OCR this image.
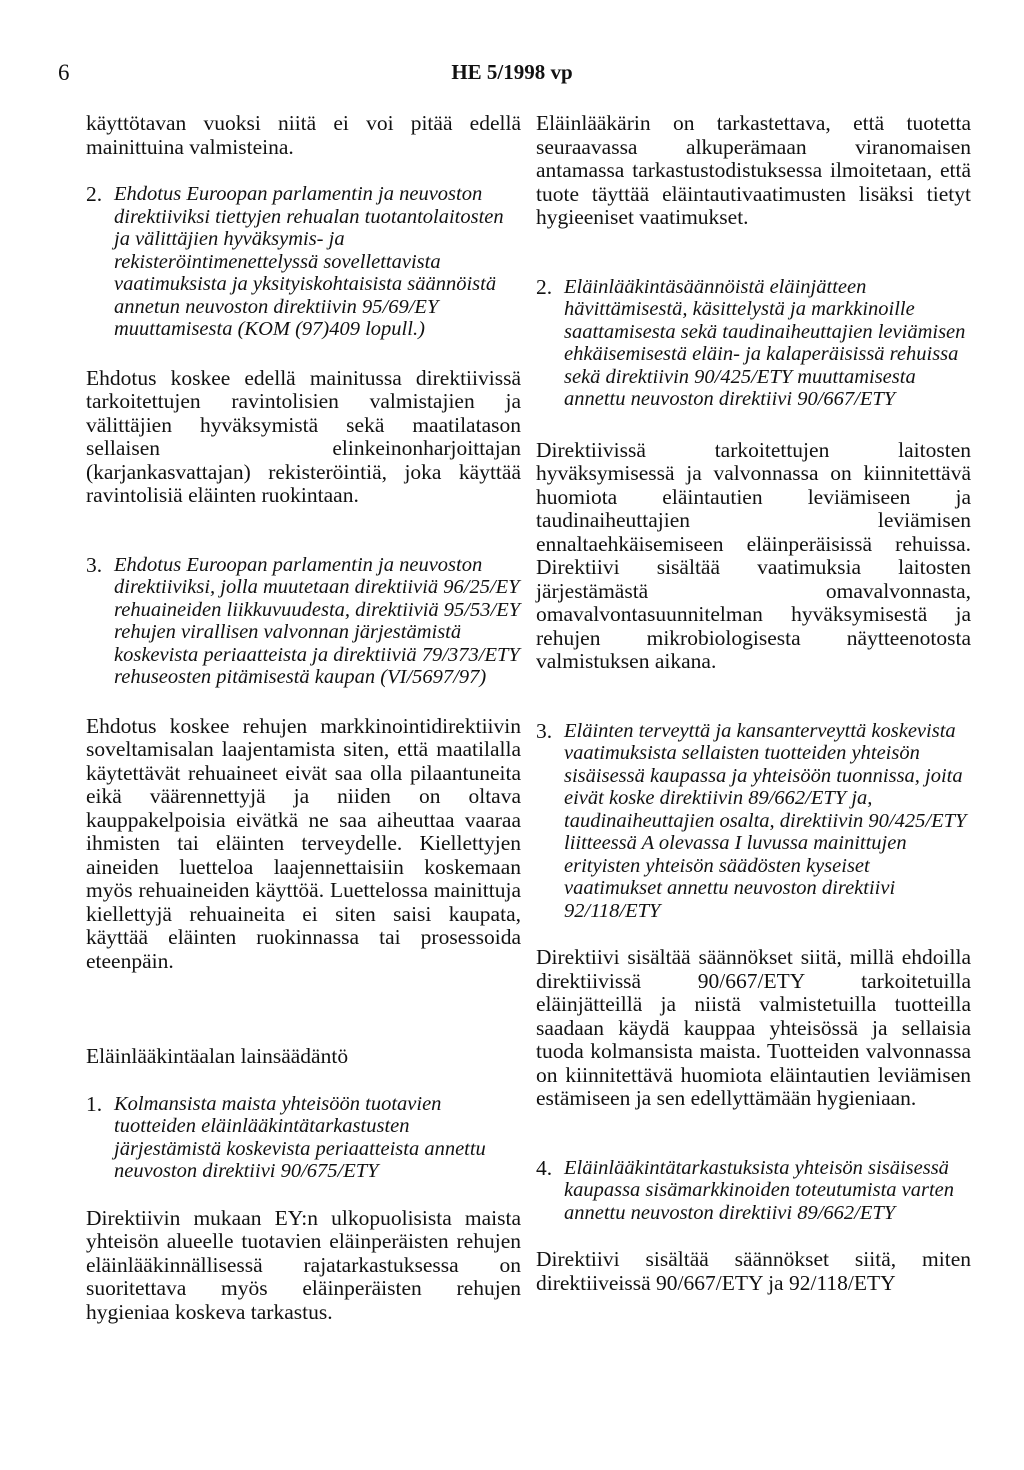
6	HE 5/1998 vp

käyttötavan vuoksi niitä ei voi pitää edellä mainittuina valmisteina.

2. Ehdotus Euroopan parlamentin ja neuvoston direktiiviksi tiettyjen rehualan tuotantolaitosten ja välittäjien hyväksymis- ja rekisteröintimenettelyssä sovellettavista vaatimuksista ja yksityiskohtaisista säännöistä annetun neuvoston direktiivin 95/69/EY muuttamisesta (KOM (97)409 lopull.)

Ehdotus koskee edellä mainitussa direktiivissä tarkoitettujen ravintolisien valmistajien ja välittäjien hyväksymistä sekä maatilatason sellaisen elinkeinonharjoittajan (karjankasvattajan) rekisteröintiä, joka käyttää ravintolisiä eläinten ruokintaan.

3. Ehdotus Euroopan parlamentin ja neuvoston direktiiviksi, jolla muutetaan direktiiviä 96/25/EY rehuaineiden liikkuvuudesta, direktiiviä 95/53/EY rehujen virallisen valvonnan järjestämistä koskevista periaatteista ja direktiiviä 79/373/ETY rehuseosten pitämisestä kaupan (VI/5697/97)

Ehdotus koskee rehujen markkinointidirektiivin soveltamisalan laajentamista siten, että maatilalla käytettävät rehuaineet eivät saa olla pilaantuneita eikä väärennettyjä ja niiden on oltava kauppakelpoisia eivätkä ne saa aiheuttaa vaaraa ihmisten tai eläinten terveydelle. Kiellettyjen aineiden luetteloa laajennettaisiin koskemaan myös rehuaineiden käyttöä. Luettelossa mainittuja kiellettyjä rehuaineita ei siten saisi kaupata, käyttää eläinten ruokinnassa tai prosessoida eteenpäin.

Eläinlääkintäalan lainsäädäntö
1. Kolmansista maista yhteisöön tuotavien tuotteiden eläinlääkintätarkastusten järjestämistä koskevista periaatteista annettu neuvoston direktiivi 90/675/ETY

Direktiivin mukaan EY:n ulkopuolisista maista yhteisön alueelle tuotavien eläinperäisten rehujen eläinlääkinnällisessä rajatarkastuksessa on suoritettava myös eläinperäisten rehujen hygieniaa koskeva tarkastus.

Eläinlääkärin on tarkastettava, että tuotetta seuraavassa alkuperämaan viranomaisen antamassa tarkastustodistuksessa ilmoitetaan, että tuote täyttää eläintautivaatimusten lisäksi tietyt hygieeniset vaatimukset.

2. Eläinlääkintäsäännöistä eläinjätteen hävittämisestä, käsittelystä ja markkinoille saattamisesta sekä taudinaiheuttajien leviämisen ehkäisemisestä eläin- ja kalaperäisissä rehuissa sekä direktiivin 90/425/ETY muuttamisesta annettu neuvoston direktiivi 90/667/ETY

Direktiivissä tarkoitettujen laitosten hyväksymisessä ja valvonnassa on kiinnitettävä huomiota eläintautien leviämiseen ja taudinaiheuttajien leviämisen ennaltaehkäisemiseen eläinperäisissä rehuissa. Direktiivi sisältää vaatimuksia laitosten järjestämästä omavalvonnasta, omavalvontasuunnitelman hyväksymisestä ja rehujen mikrobiologisesta näytteenotosta valmistuksen aikana.

3. Eläinten terveyttä ja kansanterveyttä koskevista vaatimuksista sellaisten tuotteiden yhteisön sisäisessä kaupassa ja yhteisöön tuonnissa, joita eivät koske direktiivin 89/662/ETY ja, taudinaiheuttajien osalta, direktiivin 90/425/ETY liitteessä A olevassa I luvussa mainittujen erityisten yhteisön säädösten kyseiset vaatimukset annettu neuvoston direktiivi 92/118/ETY

Direktiivi sisältää säännökset siitä, millä ehdoilla direktiivissä 90/667/ETY tarkoitetuilla eläinjätteillä ja niistä valmistetuilla tuotteilla saadaan käydä kauppaa yhteisössä ja sellaisia tuoda kolmansista maista. Tuotteiden valvonnassa on kiinnitettävä huomiota eläintautien leviämisen estämiseen ja sen edellyttämään hygieniaan.

4. Eläinlääkintätarkastuksista yhteisön sisäisessä kaupassa sisämarkkinoiden toteutumista varten annettu neuvoston direktiivi 89/662/ETY

Direktiivi sisältää säännökset siitä, miten direktiiveissä 90/667/ETY ja 92/118/ETY
